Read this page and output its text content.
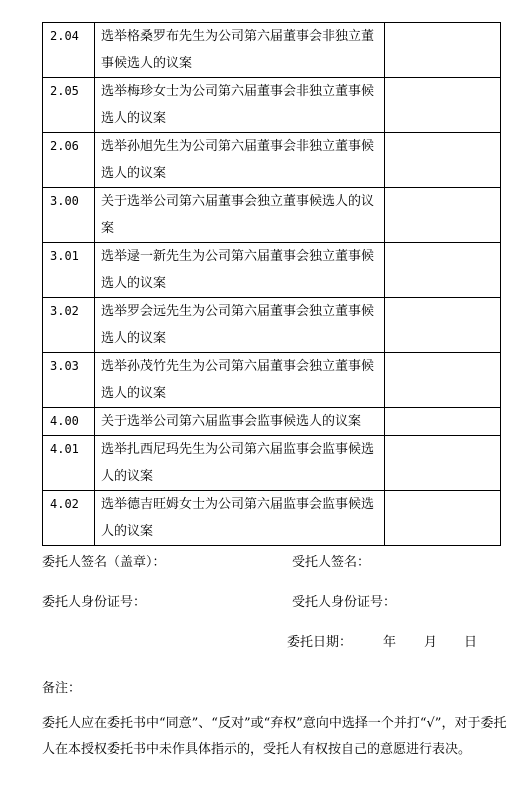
2.04	选举格桑罗布先生为公司第六届董事会非独立董事候选人的议案	
2.05	选举梅珍女士为公司第六届董事会非独立董事候选人的议案	
2.06	选举孙旭先生为公司第六届董事会非独立董事候选人的议案	
3.00	关于选举公司第六届董事会独立董事候选人的议案	
3.01	选举逯一新先生为公司第六届董事会独立董事候选人的议案	
3.02	选举罗会远先生为公司第六届董事会独立董事候选人的议案	
3.03	选举孙茂竹先生为公司第六届董事会独立董事候选人的议案	
4.00	关于选举公司第六届监事会监事候选人的议案	
4.01	选举扎西尼玛先生为公司第六届监事会监事候选人的议案	
4.02	选举德吉旺姆女士为公司第六届监事会监事候选人的议案	
委托人签名（盖章）：	受托人签名：
委托人身份证号：	受托人身份证号：
委托日期： 年 月 日
备注：
委托人应在委托书中“同意”、“反对”或“弃权”意向中选择一个并打“√”，对于委托人在本授权委托书中未作具体指示的，受托人有权按自己的意愿进行表决。
